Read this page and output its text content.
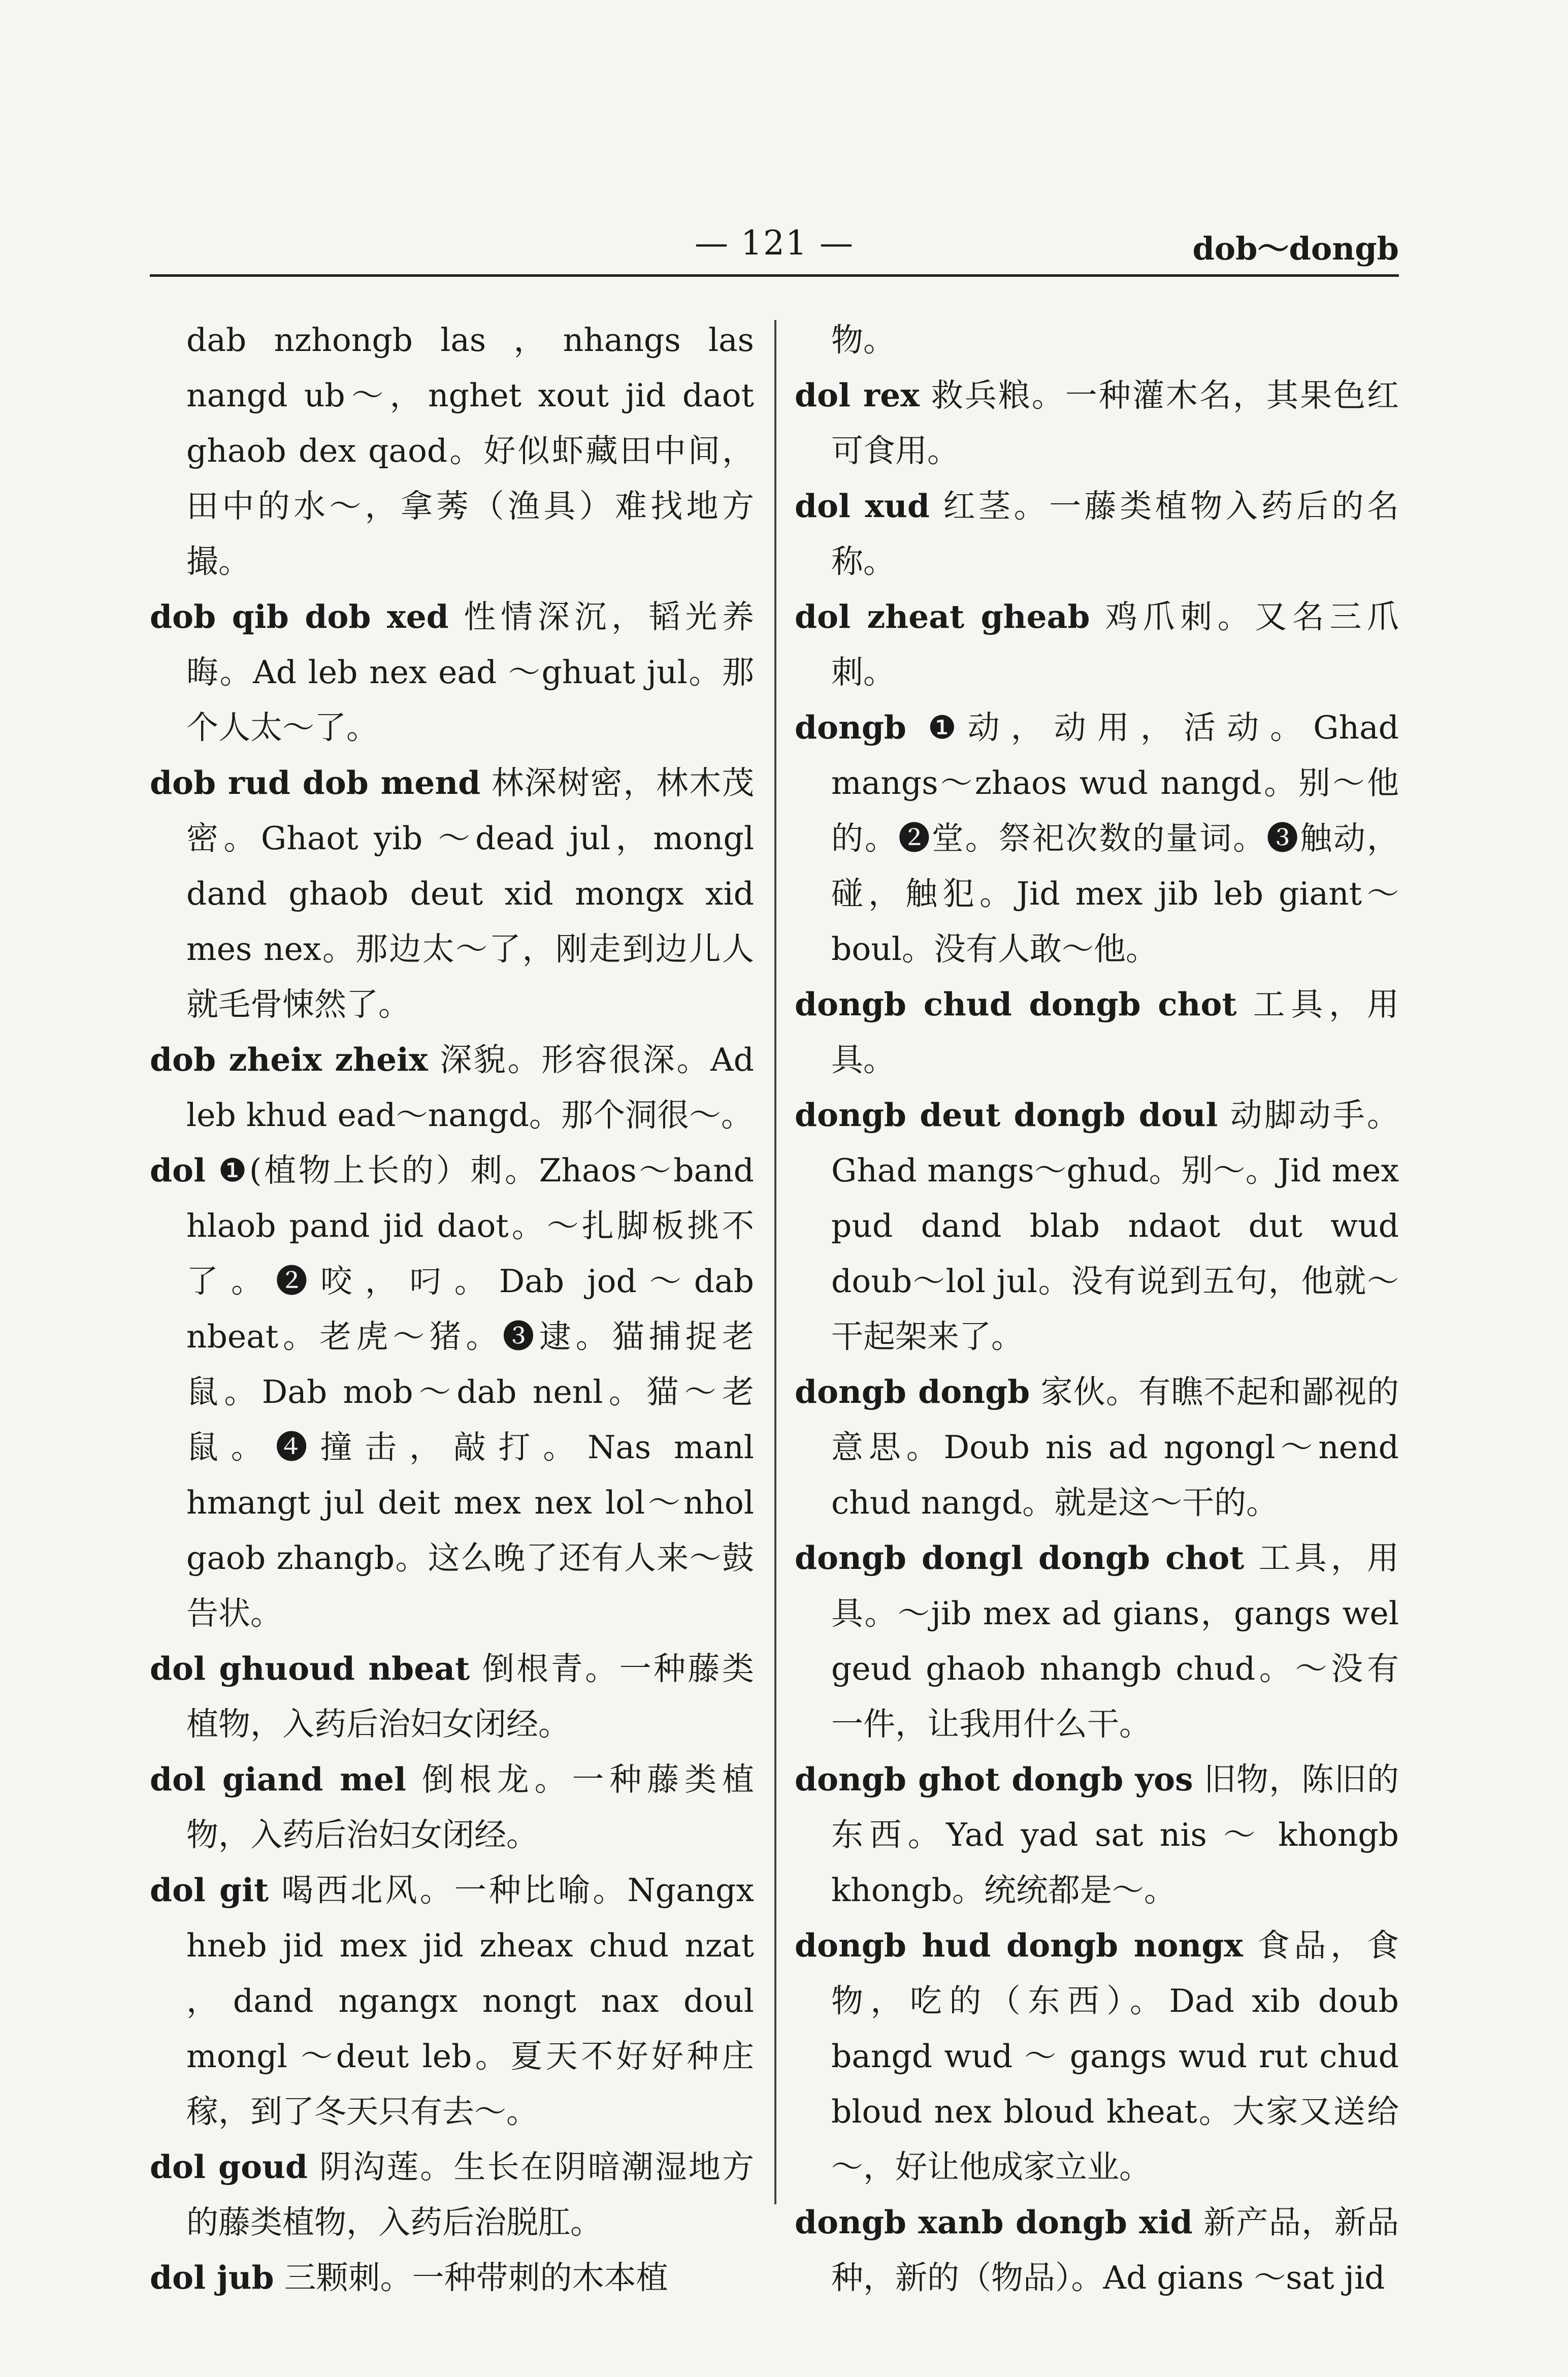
— 121 —	dob～dongb

dab nzhongb las ，nhangs las nangd ub～，nghet xout jid daot ghaob dex qaod。好似虾藏田中间，田中的水～，拿莠（渔具）难找地方撮。

dob qib dob xed 性情深沉，韬光养晦。Ad leb nex ead ～ghuat jul。那个人太～了。

dob rud dob mend 林深树密，林木茂密。Ghaot yib ～dead jul，mongl dand ghaob deut xid mongx xid mes nex。那边太～了，刚走到边儿人就毛骨悚然了。

dob zheix zheix 深貌。形容很深。Ad leb khud ead～nangd。那个洞很～。

dol ❶(植物上长的）刺。Zhaos～band hlaob pand jid daot。～扎脚板挑不了。❷咬，叼。Dab jod～dab nbeat。老虎～猪。❸逮。猫捕捉老鼠。Dab mob～dab nenl。猫～老鼠。❹撞击，敲打。Nas manl hmangt jul deit mex nex lol～nhol gaob zhangb。这么晚了还有人来～鼓告状。

dol ghuoud nbeat 倒根青。一种藤类植物，入药后治妇女闭经。

dol giand mel 倒根龙。一种藤类植物，入药后治妇女闭经。

dol git 喝西北风。一种比喻。Ngangx hneb jid mex jid zheax chud nzat ，dand ngangx nongt nax doul mongl ～deut leb。夏天不好好种庄稼，到了冬天只有去～。

dol goud 阴沟莲。生长在阴暗潮湿地方的藤类植物，入药后治脱肛。

dol jub 三颗刺。一种带刺的木本植

物。

dol rex 救兵粮。一种灌木名，其果色红可食用。

dol xud 红茎。一藤类植物入药后的名称。

dol zheat gheab 鸡爪刺。又名三爪刺。

dongb ❶动，动用，活动。Ghad mangs～zhaos wud nangd。别～他的。❷堂。祭祀次数的量词。❸触动，碰，触犯。Jid mex jib leb giant～boul。没有人敢～他。

dongb chud dongb chot 工具，用具。

dongb deut dongb doul 动脚动手。Ghad mangs～ghud。别～。Jid mex pud dand blab ndaot dut wud doub～lol jul。没有说到五句，他就～干起架来了。

dongb dongb 家伙。有瞧不起和鄙视的意思。Doub nis ad ngongl～nend chud nangd。就是这～干的。

dongb dongl dongb chot 工具，用具。～jib mex ad gians，gangs wel geud ghaob nhangb chud。～没有一件，让我用什么干。

dongb ghot dongb yos 旧物，陈旧的东西。Yad yad sat nis ～ khongb khongb。统统都是～。

dongb hud dongb nongx 食品，食物，吃的（东西）。Dad xib doub bangd wud ～ gangs wud rut chud bloud nex bloud kheat。大家又送给～，好让他成家立业。

dongb xanb dongb xid 新产品，新品种，新的（物品）。Ad gians ～sat jid
